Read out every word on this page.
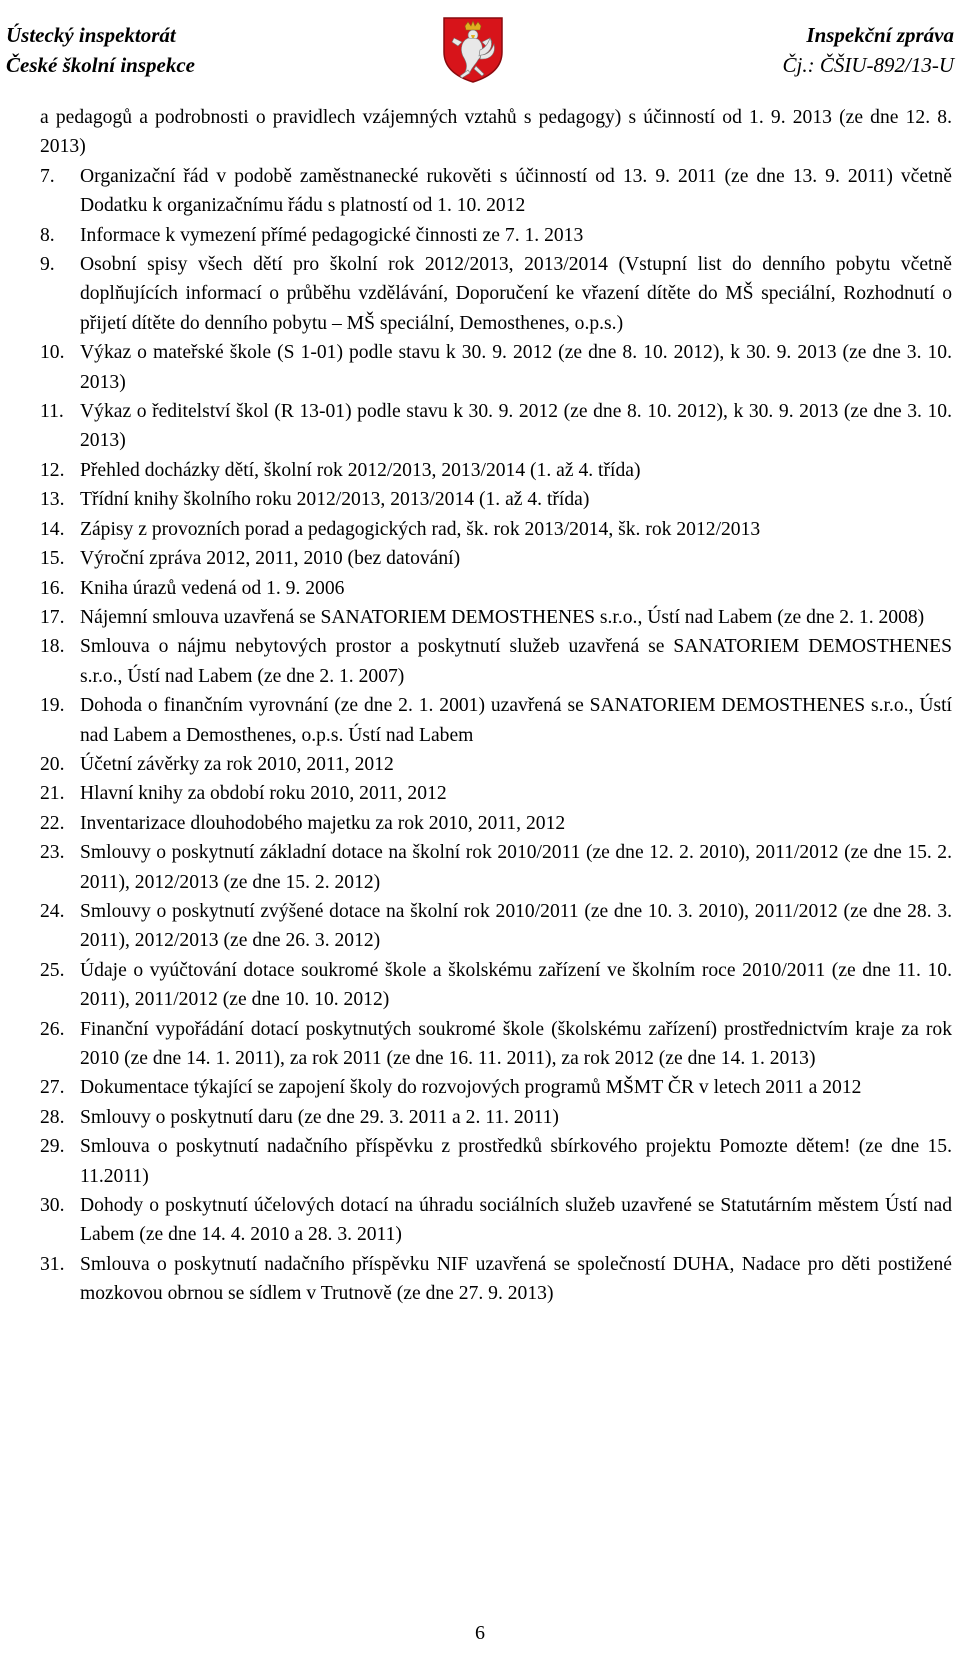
Ústecký inspektorát
České školní inspekce
Inspekční zpráva
Čj.: ČŠIU-892/13-U
a pedagogů a podrobnosti o pravidlech vzájemných vztahů s pedagogy) s účinností od 1. 9. 2013 (ze dne 12. 8. 2013)
7. Organizační řád v podobě zaměstnanecké rukověti s účinností od 13. 9. 2011 (ze dne 13. 9. 2011) včetně Dodatku k organizačnímu řádu s platností od 1. 10. 2012
8. Informace k vymezení přímé pedagogické činnosti ze 7. 1. 2013
9. Osobní spisy všech dětí pro školní rok 2012/2013, 2013/2014 (Vstupní list do denního pobytu včetně doplňujících informací o průběhu vzdělávání, Doporučení ke vřazení dítěte do MŠ speciální, Rozhodnutí o přijetí dítěte do denního pobytu – MŠ speciální, Demosthenes, o.p.s.)
10. Výkaz o mateřské škole (S 1-01) podle stavu k 30. 9. 2012 (ze dne 8. 10. 2012), k 30. 9. 2013 (ze dne 3. 10. 2013)
11. Výkaz o ředitelství škol (R 13-01) podle stavu k 30. 9. 2012 (ze dne 8. 10. 2012), k 30. 9. 2013 (ze dne 3. 10. 2013)
12. Přehled docházky dětí, školní rok 2012/2013, 2013/2014 (1. až 4. třída)
13. Třídní knihy školního roku 2012/2013, 2013/2014 (1. až 4. třída)
14. Zápisy z provozních porad a pedagogických rad, šk. rok 2013/2014, šk. rok 2012/2013
15. Výroční zpráva 2012, 2011, 2010 (bez datování)
16. Kniha úrazů vedená od 1. 9. 2006
17. Nájemní smlouva uzavřená se SANATORIEM DEMOSTHENES s.r.o., Ústí nad Labem (ze dne 2. 1. 2008)
18. Smlouva o nájmu nebytových prostor a poskytnutí služeb uzavřená se SANATORIEM DEMOSTHENES s.r.o., Ústí nad Labem (ze dne 2. 1. 2007)
19. Dohoda o finančním vyrovnání (ze dne 2. 1. 2001) uzavřená se SANATORIEM DEMOSTHENES s.r.o., Ústí nad Labem a Demosthenes, o.p.s. Ústí nad Labem
20. Účetní závěrky za rok 2010, 2011, 2012
21. Hlavní knihy za období roku 2010, 2011, 2012
22. Inventarizace dlouhodobého majetku za rok 2010, 2011, 2012
23. Smlouvy o poskytnutí základní dotace na školní rok 2010/2011 (ze dne 12. 2. 2010), 2011/2012 (ze dne 15. 2. 2011), 2012/2013 (ze dne 15. 2. 2012)
24. Smlouvy o poskytnutí zvýšené dotace na školní rok 2010/2011 (ze dne 10. 3. 2010), 2011/2012 (ze dne 28. 3. 2011), 2012/2013 (ze dne 26. 3. 2012)
25. Údaje o vyúčtování dotace soukromé škole a školskému zařízení ve školním roce 2010/2011 (ze dne 11. 10. 2011), 2011/2012 (ze dne 10. 10. 2012)
26. Finanční vypořádání dotací poskytnutých soukromé škole (školskému zařízení) prostřednictvím kraje za rok 2010 (ze dne 14. 1. 2011), za rok 2011 (ze dne 16. 11. 2011), za rok 2012 (ze dne 14. 1. 2013)
27. Dokumentace týkající se zapojení školy do rozvojových programů MŠMT ČR v letech 2011 a 2012
28. Smlouvy o poskytnutí daru (ze dne 29. 3. 2011 a 2. 11. 2011)
29. Smlouva o poskytnutí nadačního příspěvku z prostředků sbírkového projektu Pomozte dětem! (ze dne 15. 11.2011)
30. Dohody o poskytnutí účelových dotací na úhradu sociálních služeb uzavřené se Statutárním městem Ústí nad Labem (ze dne 14. 4. 2010 a 28. 3. 2011)
31. Smlouva o poskytnutí nadačního příspěvku NIF uzavřená se společností DUHA, Nadace pro děti postižené mozkovou obrnou se sídlem v Trutnově (ze dne 27. 9. 2013)
6
